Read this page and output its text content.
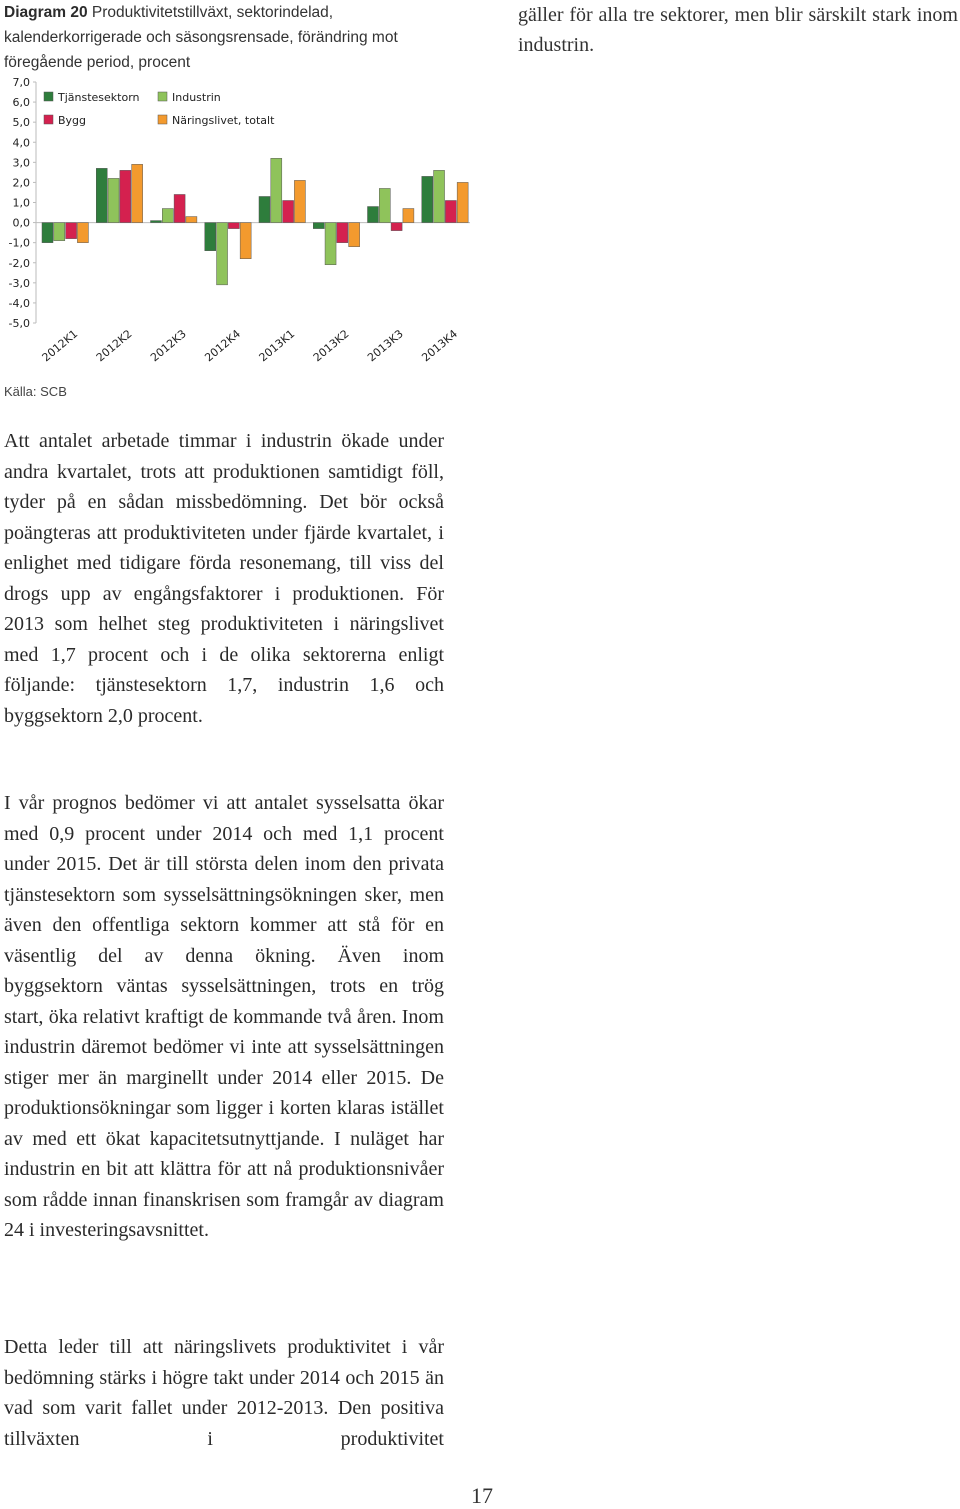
Diagram 20 Produktivitetstillväxt, sektorindelad, kalenderkorrigerade och säsongsrensade, förändring mot föregående period, procent
gäller för alla tre sektorer, men blir särskilt stark inom industrin.
7,0
6,0
5,0
4,0
3,0
2,0
1,0
0,0
-1,0
-2,0
-3,0
-4,0
-5,0
2012K1 2012K2 2012K3 2012K4 2013K1 2013K2 2013K3 2013K4
Tjänstesektorn	Industrin
Bygg	Näringslivet, totalt
Källa: SCB
Att antalet arbetade timmar i industrin ökade under andra kvartalet, trots att produktionen samtidigt föll, tyder på en sådan missbedömning. Det bör också poängteras att produktiviteten under fjärde kvartalet, i enlighet med tidigare förda resonemang, till viss del drogs upp av engångsfaktorer i produktionen. För 2013 som helhet steg produktiviteten i näringslivet med 1,7 procent och i de olika sektorerna enligt följande: tjänstesektorn 1,7, industrin 1,6 och byggsektorn 2,0 procent.
I vår prognos bedömer vi att antalet sysselsatta ökar med 0,9 procent under 2014 och med 1,1 procent under 2015. Det är till största delen inom den privata tjänstesektorn som sysselsättningsökningen sker, men även den offentliga sektorn kommer att stå för en väsentlig del av denna ökning. Även inom byggsektorn väntas sysselsättningen, trots en trög start, öka relativt kraftigt de kommande två åren. Inom industrin däremot bedömer vi inte att sysselsättningen stiger mer än marginellt under 2014 eller 2015. De produktionsökningar som ligger i korten klaras istället av med ett ökat kapacitetsutnyttjande. I nuläget har industrin en bit att klättra för att nå produktionsnivåer som rådde innan finanskrisen som framgår av diagram 24 i investeringsavsnittet.
Detta leder till att näringslivets produktivitet i vår bedömning stärks i högre takt under 2014 och 2015 än vad som varit fallet under 2012-2013. Den positiva tillväxten i produktivitet
17
